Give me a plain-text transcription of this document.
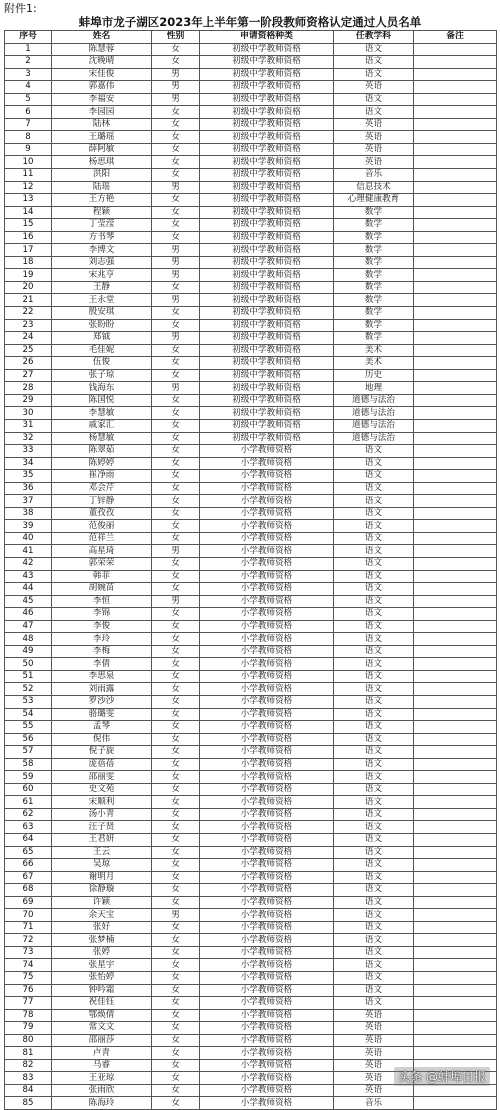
附件1:
蚌埠市龙子湖区2023年上半年第一阶段教师资格认定通过人员名单
序号	姓名	性别	申请资格种类	任教学科	备注
1	陈慧蓉	女	初级中学教师资格	语文	
2	沈晚晴	女	初级中学教师资格	语文	
3	宋佳俊	男	初级中学教师资格	语文	
4	郭嘉伟	男	初级中学教师资格	英语	
5	李福安	男	初级中学教师资格	语文	
6	李园园	女	初级中学教师资格	语文	
7	陆林	女	初级中学教师资格	英语	
8	王璐瑶	女	初级中学教师资格	英语	
9	薛阿敏	女	初级中学教师资格	英语	
10	杨思琪	女	初级中学教师资格	英语	
11	洪阳	女	初级中学教师资格	音乐	
12	陆瑶	男	初级中学教师资格	信息技术	
13	王方艳	女	初级中学教师资格	心理健康教育	
14	程颖	女	初级中学教师资格	数学	
15	丁莹滢	女	初级中学教师资格	数学	
16	方书琴	女	初级中学教师资格	数学	
17	李博文	男	初级中学教师资格	数学	
18	刘志强	男	初级中学教师资格	数学	
19	宋兆亨	男	初级中学教师资格	数学	
20	王静	女	初级中学教师资格	数学	
21	王永堂	男	初级中学教师资格	数学	
22	殷安琪	女	初级中学教师资格	数学	
23	张盼盼	女	初级中学教师资格	数学	
24	郑钺	男	初级中学教师资格	数学	
25	毛佳妮	女	初级中学教师资格	美术	
26	伍俊	女	初级中学教师资格	美术	
27	张子琼	女	初级中学教师资格	历史	
28	钱海东	男	初级中学教师资格	地理	
29	陈国悦	女	初级中学教师资格	道德与法治	
30	李慧敏	女	初级中学教师资格	道德与法治	
31	戚家汇	女	初级中学教师资格	道德与法治	
32	杨慧敏	女	初级中学教师资格	道德与法治	
33	陈翠茹	女	小学教师资格	语文	
34	陈婷婷	女	小学教师资格	语文	
35	崔净雨	女	小学教师资格	语文	
36	邓会芹	女	小学教师资格	语文	
37	丁锌静	女	小学教师资格	语文	
38	董孜孜	女	小学教师资格	语文	
39	范俊丽	女	小学教师资格	语文	
40	范祥兰	女	小学教师资格	语文	
41	高星琦	男	小学教师资格	语文	
42	郭荣荣	女	小学教师资格	语文	
43	韩菲	女	小学教师资格	语文	
44	胡婉苗	女	小学教师资格	语文	
45	李恒	男	小学教师资格	语文	
46	李锦	女	小学教师资格	语文	
47	李俊	女	小学教师资格	语文	
48	李玲	女	小学教师资格	语文	
49	李梅	女	小学教师资格	语文	
50	李倩	女	小学教师资格	语文	
51	李思泉	女	小学教师资格	语文	
52	刘雨露	女	小学教师资格	语文	
53	罗沙沙	女	小学教师资格	语文	
54	骆璐雯	女	小学教师资格	语文	
55	孟琴	女	小学教师资格	语文	
56	倪伟	女	小学教师资格	语文	
57	倪子旋	女	小学教师资格	语文	
58	庞蓓蓓	女	小学教师资格	语文	
59	邵丽雯	女	小学教师资格	语文	
60	史文苑	女	小学教师资格	语文	
61	宋顺利	女	小学教师资格	语文	
62	汤小青	女	小学教师资格	语文	
63	汪子贤	女	小学教师资格	语文	
64	王君妍	女	小学教师资格	语文	
65	王云	女	小学教师资格	语文	
66	吴琼	女	小学教师资格	语文	
67	谢明月	女	小学教师资格	语文	
68	徐静璇	女	小学教师资格	语文	
69	许颖	女	小学教师资格	语文	
70	余天宝	男	小学教师资格	语文	
71	张好	女	小学教师资格	语文	
72	张梦楠	女	小学教师资格	语文	
73	张婷	女	小学教师资格	语文	
74	张星宇	女	小学教师资格	语文	
75	张怡婷	女	小学教师资格	语文	
76	钟吟霜	女	小学教师资格	语文	
77	祝佳钰	女	小学教师资格	语文	
78	鄂焕倩	女	小学教师资格	英语	
79	常文文	女	小学教师资格	英语	
80	邵丽莎	女	小学教师资格	英语	
81	卢青	女	小学教师资格	英语	
82	马睿	女	小学教师资格	英语	
83	王亚琼	女	小学教师资格	英语	
84	张雨欣	女	小学教师资格	英语	
85	陈海玲	女	小学教师资格	音乐	
头条 @蚌埠日报
